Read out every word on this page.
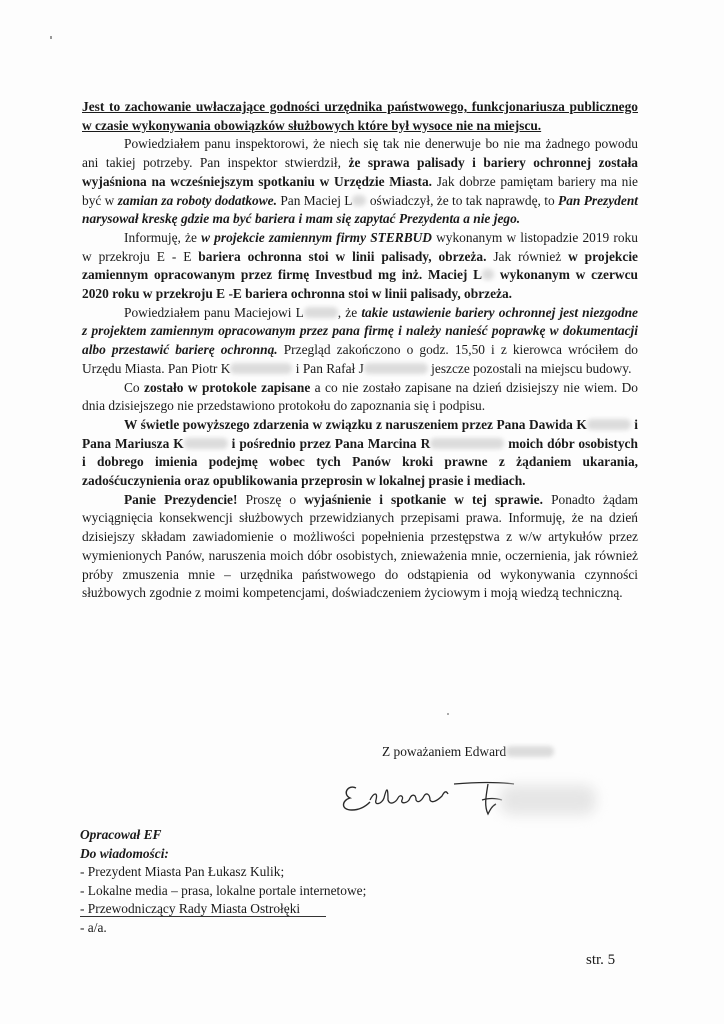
Jest to zachowanie uwłaczające godności urzędnika państwowego, funkcjonariusza publicznego w czasie wykonywania obowiązków służbowych które był wysoce nie na miejscu.

Powiedziałem panu inspektorowi, że niech się tak nie denerwuje bo nie ma żadnego powodu ani takiej potrzeby. Pan inspektor stwierdził, że sprawa palisady i bariery ochronnej została wyjaśniona na wcześniejszym spotkaniu w Urzędzie Miasta. Jak dobrze pamiętam bariery ma nie być w zamian za roboty dodatkowe. Pan Maciej L oświadczył, że to tak naprawdę, to Pan Prezydent narysował kreskę gdzie ma być bariera i mam się zapytać Prezydenta a nie jego.

Informuję, że w projekcie zamiennym firmy STERBUD wykonanym w listopadzie 2019 roku w przekroju E - E bariera ochronna stoi w linii palisady, obrzeża. Jak również w projekcie zamiennym opracowanym przez firmę Investbud mg inż. Maciej L wykonanym w czerwcu 2020 roku w przekroju E -E bariera ochronna stoi w linii palisady, obrzeża.

Powiedziałem panu Maciejowi L	, że takie ustawienie bariery ochronnej jest niezgodne z projektem zamiennym opracowanym przez pana firmę i należy nanieść poprawkę w dokumentacji albo przestawić barierę ochronną. Przegląd zakończono o godz. 15,50 i z kierowca wróciłem do Urzędu Miasta. Pan Piotr K	i Pan Rafał J	jeszcze pozostali na miejscu budowy.

Co zostało w protokole zapisane a co nie zostało zapisane na dzień dzisiejszy nie wiem. Do dnia dzisiejszego nie przedstawiono protokołu do zapoznania się i podpisu.

W świetle powyższego zdarzenia w związku z naruszeniem przez Pana Dawida K	i Pana Mariusza K	i pośrednio przez Pana Marcina R	moich dóbr osobistych i dobrego imienia podejmę wobec tych Panów kroki prawne z żądaniem ukarania, zadośćuczynienia oraz opublikowania przeprosin w lokalnej prasie i mediach.

Panie Prezydencie! Proszę o wyjaśnienie i spotkanie w tej sprawie. Ponadto żądam wyciągnięcia konsekwencji służbowych przewidzianych przepisami prawa. Informuję, że na dzień dzisiejszy składam zawiadomienie o możliwości popełnienia przestępstwa z w/w artykułów przez wymienionych Panów, naruszenia moich dóbr osobistych, znieważenia mnie, oczernienia, jak również próby zmuszenia mnie – urzędnika państwowego do odstąpienia od wykonywania czynności służbowych zgodnie z moimi kompetencjami, doświadczeniem życiowym i moją wiedzą techniczną.

Z poważaniem Edward
Opracował EF
Do wiadomości:
- Prezydent Miasta Pan Łukasz Kulik;
- Lokalne media – prasa, lokalne portale internetowe;
- Przewodniczący Rady Miasta Ostrołęki
- a/a.
str. 5
